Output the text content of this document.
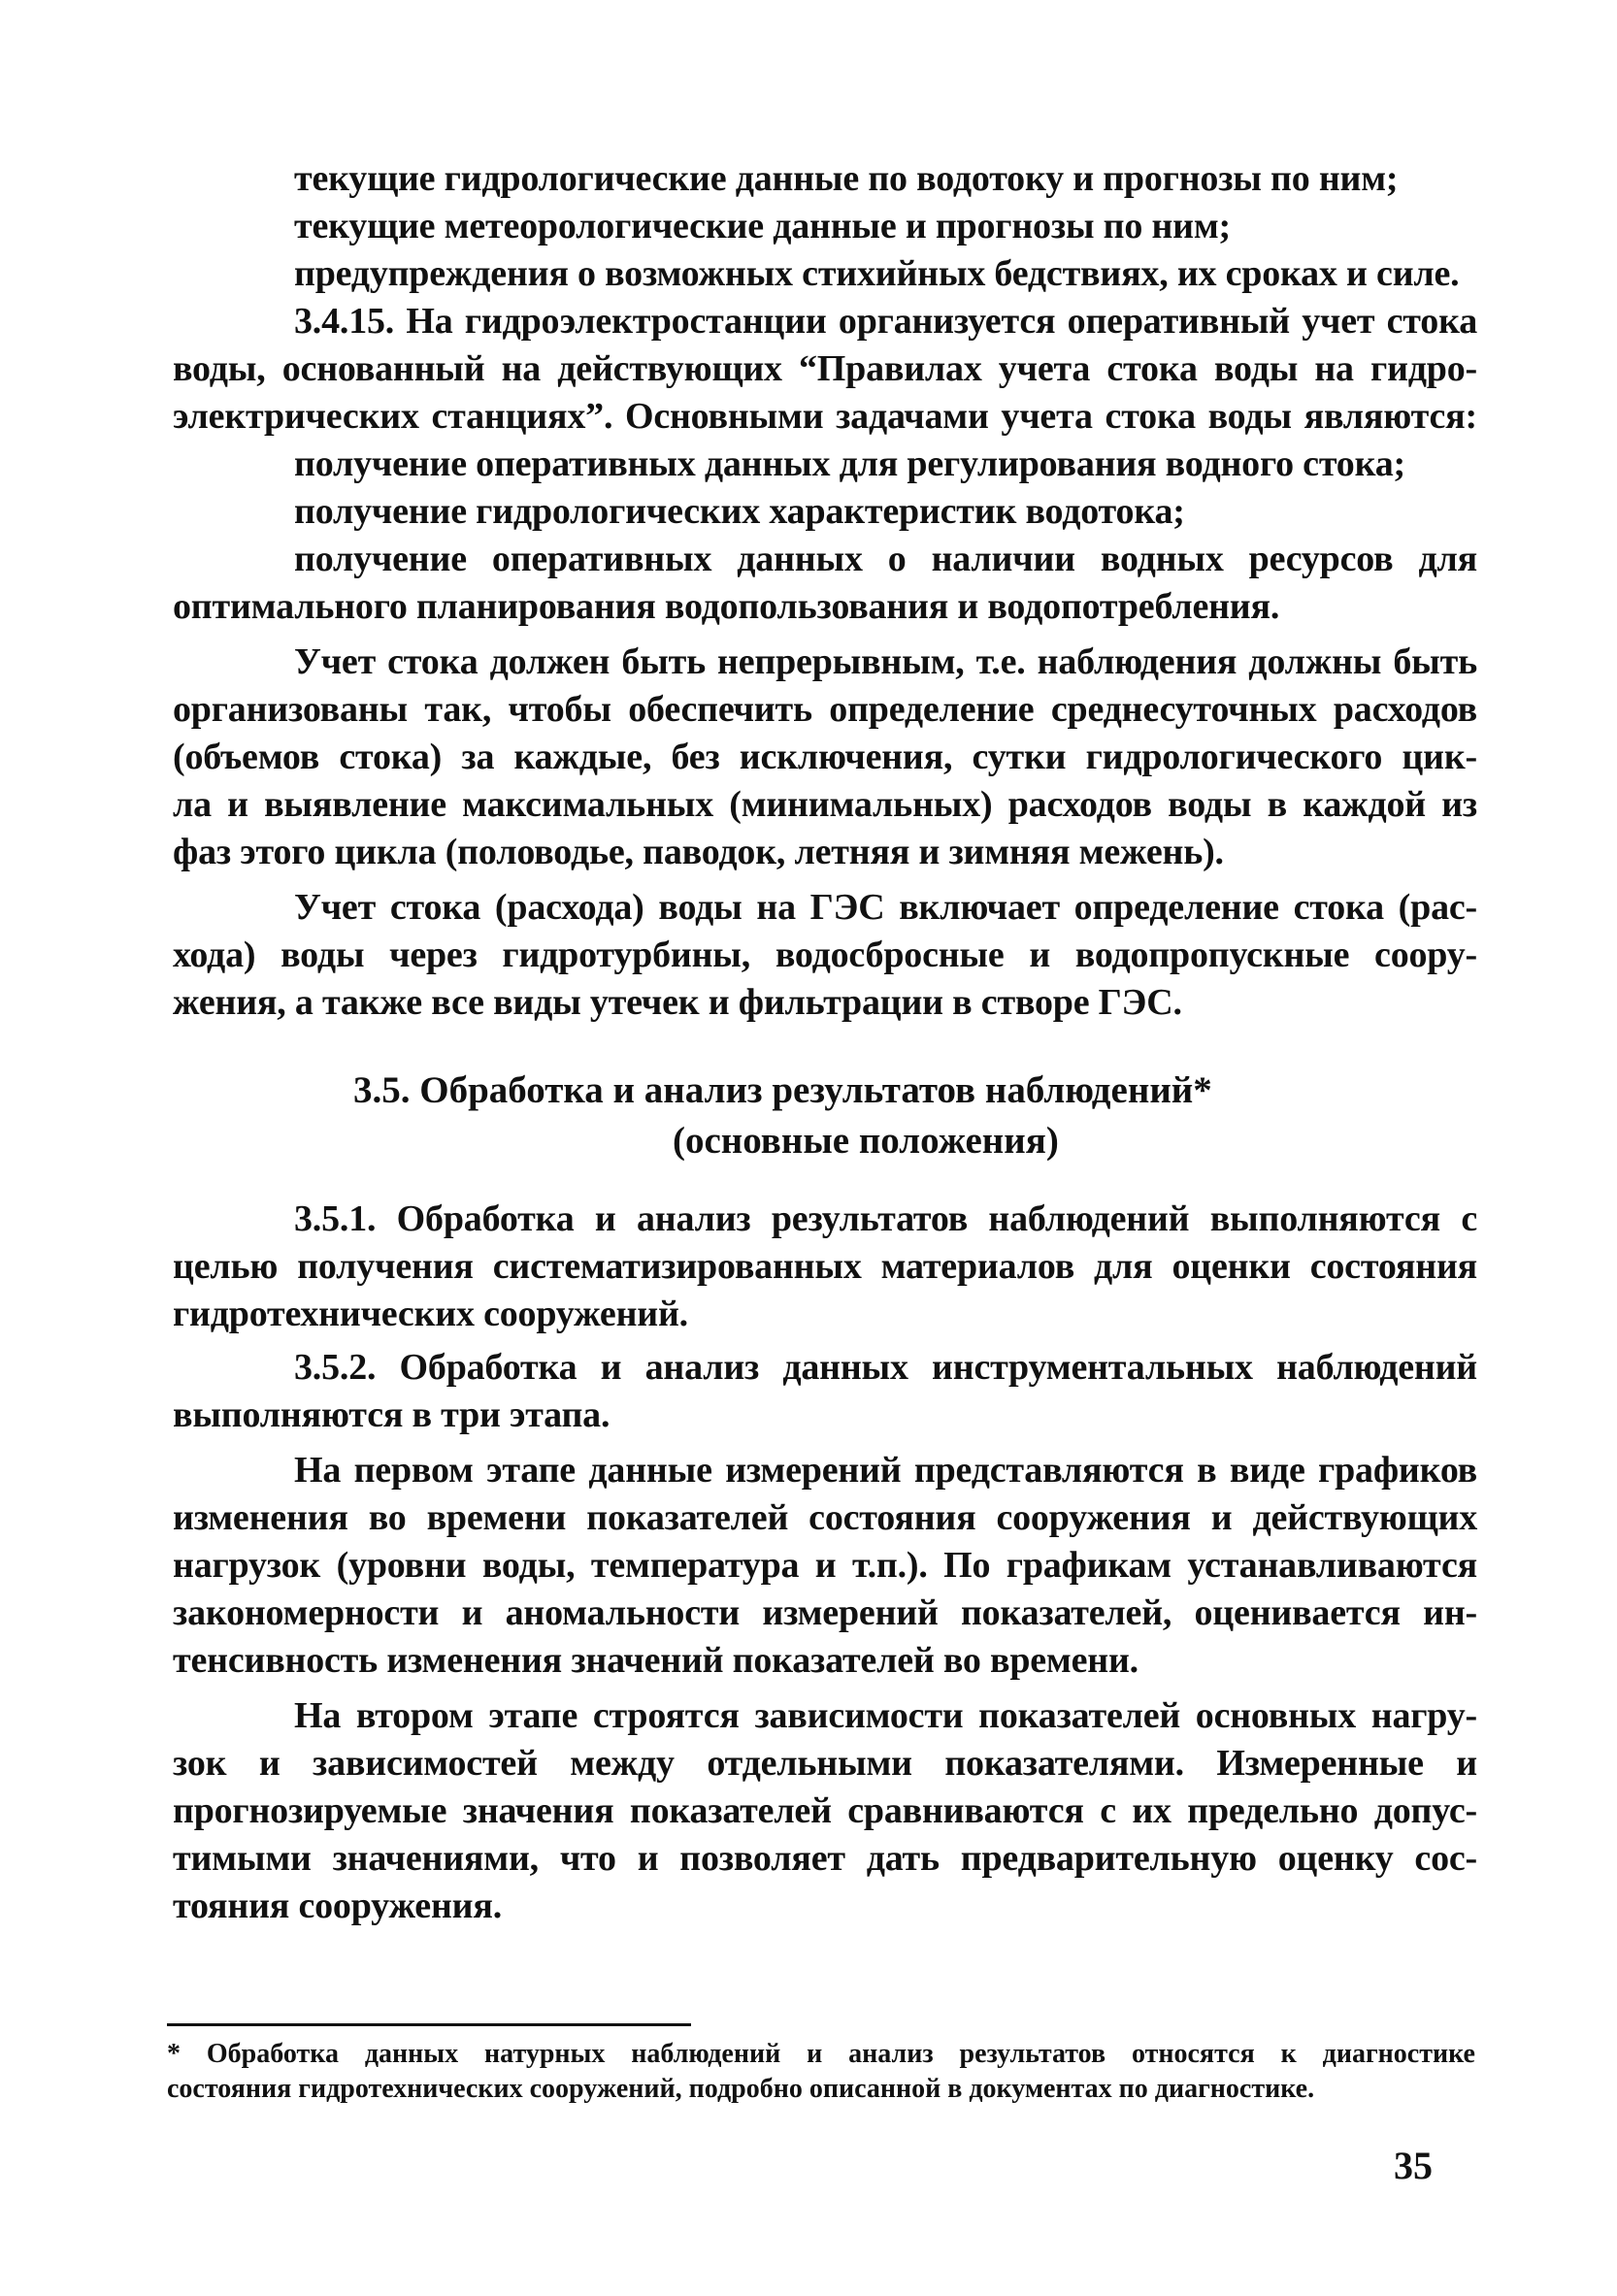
текущие гидрологические данные по водотоку и прогнозы по ним;
текущие метеорологические данные и прогнозы по ним;
предупреждения о возможных стихийных бедствиях, их сроках и силе.
3.4.15. На гидроэлектростанции организуется оперативный учет стока
воды, основанный на действующих “Правилах учета стока воды на гидро-
электрических станциях”. Основными задачами учета стока воды являются:
получение оперативных данных для регулирования водного стока;
получение гидрологических характеристик водотока;
получение оперативных данных о наличии водных ресурсов для
оптимального планирования водопользования и водопотребления.
Учет стока должен быть непрерывным, т.е. наблюдения должны быть
организованы так, чтобы обеспечить определение среднесуточных расходов
(объемов стока) за каждые, без исключения, сутки гидрологического цик-
ла и выявление максимальных (минимальных) расходов воды в каждой из
фаз этого цикла (половодье, паводок, летняя и зимняя межень).
Учет стока (расхода) воды на ГЭС включает определение стока (рас-
хода) воды через гидротурбины, водосбросные и водопропускные соору-
жения, а также все виды утечек и фильтрации в створе ГЭС.
3.5. Обработка и анализ результатов наблюдений*
(основные положения)
3.5.1. Обработка и анализ результатов наблюдений выполняются с
целью получения систематизированных материалов для оценки состояния
гидротехнических сооружений.
3.5.2. Обработка и анализ данных инструментальных наблюдений
выполняются в три этапа.
На первом этапе данные измерений представляются в виде графиков
изменения во времени показателей состояния сооружения и действующих
нагрузок (уровни воды, температура и т.п.). По графикам устанавливаются
закономерности и аномальности измерений показателей, оценивается ин-
тенсивность изменения значений показателей во времени.
На втором этапе строятся зависимости показателей основных нагру-
зок и зависимостей между отдельными показателями. Измеренные и
прогнозируемые значения показателей сравниваются с их предельно допус-
тимыми значениями, что и позволяет дать предварительную оценку сос-
тояния сооружения.
* Обработка данных натурных наблюдений и анализ результатов относятся к диагностике
состояния гидротехнических сооружений, подробно описанной в документах по диагностике.
35
